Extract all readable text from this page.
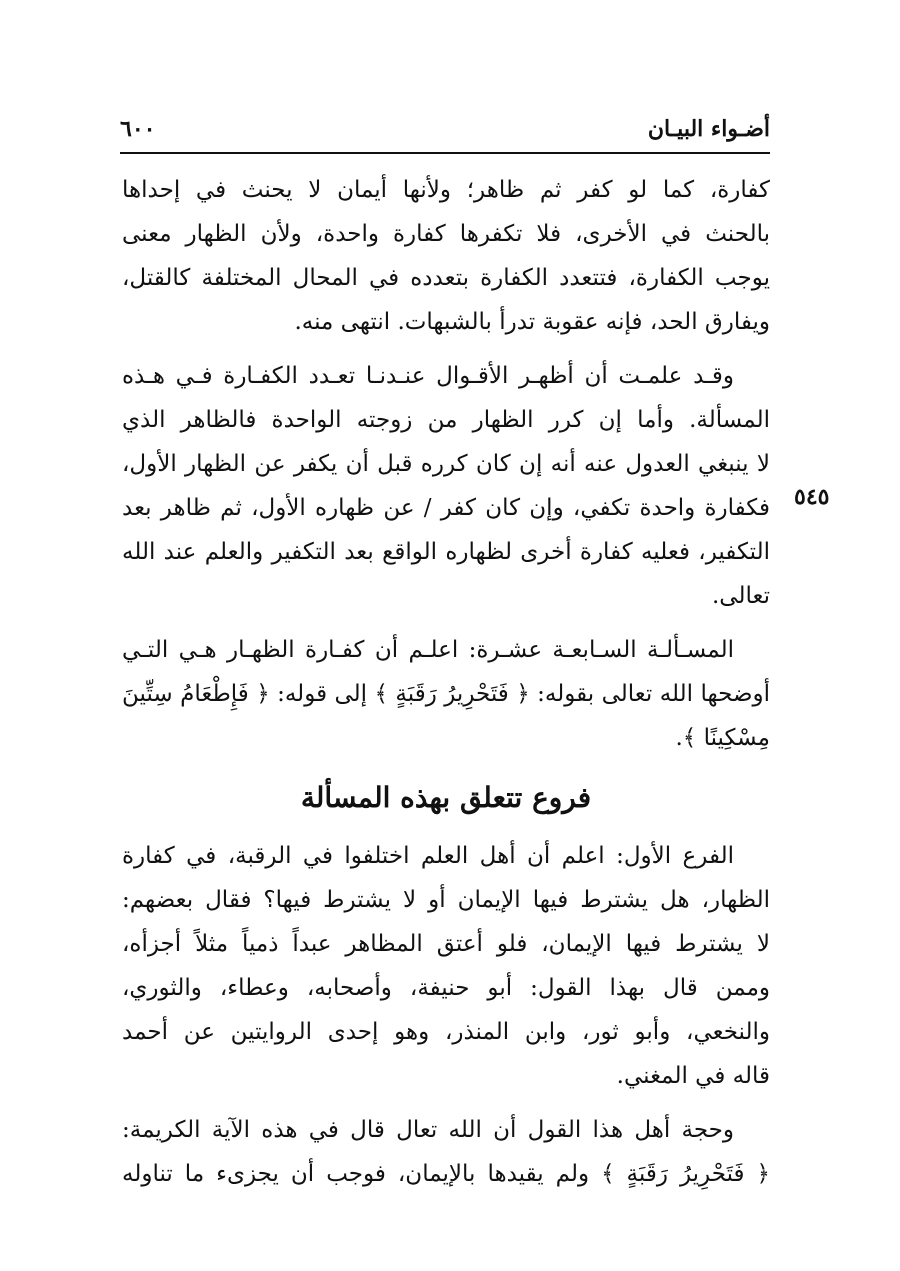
أضـواء البيـان
٦٠٠
٥٤٥
كفارة، كما لو كفر ثم ظاهر؛ ولأنها أيمان لا يحنث في إحداها
بالحنث في الأخرى، فلا تكفرها كفارة واحدة، ولأن الظهار معنى
يوجب الكفارة، فتتعدد الكفارة بتعدده في المحال المختلفة كالقتل،
ويفارق الحد، فإنه عقوبة تدرأ بالشبهات. انتهى منه.
وقـد علمـت أن أظهـر الأقـوال عنـدنـا تعـدد الكفـارة فـي هـذه
المسألة. وأما إن كرر الظهار من زوجته الواحدة فالظاهر الذي
لا ينبغي العدول عنه أنه إن كان كرره قبل أن يكفر عن الظهار الأول،
فكفارة واحدة تكفي، وإن كان كفر / عن ظهاره الأول، ثم ظاهر بعد
التكفير، فعليه كفارة أخرى لظهاره الواقع بعد التكفير والعلم عند الله
تعالى.
المسـألـة السـابعـة عشـرة: اعلـم أن كفـارة الظهـار هـي التـي
أوضحها الله تعالى بقوله: ﴿ فَتَحْرِيرُ رَقَبَةٍ ﴾ إلى قوله: ﴿ فَإِطْعَامُ سِتِّينَ
مِسْكِينًا ﴾.
فروع تتعلق بهذه المسألة
الفرع الأول: اعلم أن أهل العلم اختلفوا في الرقبة، في كفارة
الظهار، هل يشترط فيها الإيمان أو لا يشترط فيها؟ فقال بعضهم:
لا يشترط فيها الإيمان، فلو أعتق المظاهر عبداً ذمياً مثلاً أجزأه،
وممن قال بهذا القول: أبو حنيفة، وأصحابه، وعطاء، والثوري،
والنخعي، وأبو ثور، وابن المنذر، وهو إحدى الروايتين عن أحمد
قاله في المغني.
وحجة أهل هذا القول أن الله تعال قال في هذه الآية الكريمة:
﴿ فَتَحْرِيرُ رَقَبَةٍ ﴾ ولم يقيدها بالإيمان، فوجب أن يجزىء ما تناوله
